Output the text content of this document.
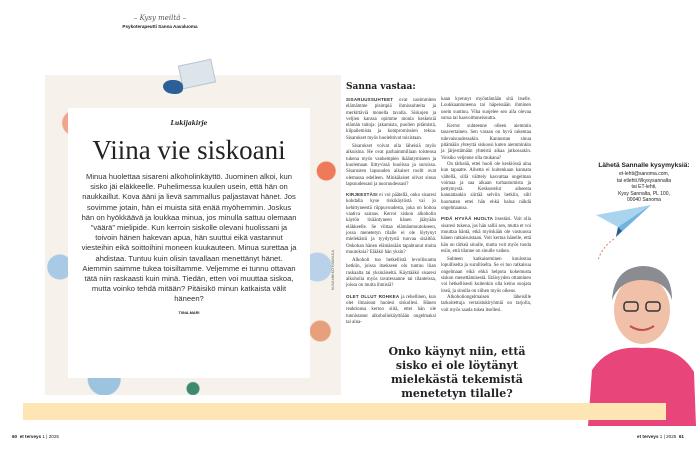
– Kysy meiltä –
Psykoterapeutti Sanna Aavaluoma
Lukijakirje
Viina vie siskoani
Minua huolettaa sisareni alkoholinkäyttö. Juominen alkoi, kun sisko jäi eläkkeelle. Puhelimessa kuulen usein, että hän on naukkaillut. Kova ääni ja lievä sammallus paljastavat hänet. Jos sovimme jotain, hän ei muista sitä enää myöhemmin. Joskus hän on hyökkäävä ja loukkaa minua, jos minulla sattuu olemaan ”väärä” mielipide. Kun kerroin siskolle olevani huolissani ja toivoin hänen hakevan apua, hän suuttui eikä vastannut viesteihin eikä soittoihini moneen kuukauteen. Minua surettaa ja ahdistaa. Tuntuu kuin olisin tavallaan menettänyt hänet. Aiemmin saimme tukea toisiltamme. Veljemme ei tunnu ottavan tätä niin raskaasti kuin minä. Tiedän, etten voi muuttaa siskoa, mutta voinko tehdä mitään? Pitäisikö minun katkaista välit häneen?
TIINA-MARI
KUVA MIKKO HANNULA
Sanna vastaa:

SISARUUSSUHTEET ovat useimmiten elämämme pisimpiä ihmissuhteita ja merkittäviä monella tavalla. Siskojen ja veljien kanssa opimme monia keskeisiä elämän taitoja: jakamista, puolien pitämistä, kilpailemista ja kompromissien tekoa. Sisarukset myös huolehtivat toisistaan.

Sisarukset voivat olla läheisiä myös aikuisina. He ovat parhaimmillaan toistensa tukena myös vanhempien ikääntymiseen ja kuolemaan liittyvissä huolissa ja suruissa. Sisarusten lapsuuden aikaiset roolit ovat olemassa edelleen. Minkälaiset olivat sinun lapsuudessasi ja nuoruudessasi?

KIRJEESTÄSI ei voi päätellä, onko sisaresi kohdalla kyse riskikäytöstä vai jo kehittyneestä riippuvuudesta, joka on hoitoa vaativa sairaus. Kerrot siskon alkoholin käytön lisääntyneen hänen jäätyään eläkkeelle. Se viittaa elämänmuutokseen, jossa menetetyn tilalle ei ole löytynyt mielekästä ja tyydytystä tuovaa sisältöä. Onkohan hänen elämässään tapahtunut muita muutoksia? Elääkö hän yksin?

Alkoholi tuo hetkellistä levollisuutta hetkiin, joissa itsekseen olo tuntuu liian raskaalta tai yksinäiseltä. Käyttääkö sisaresi alkoholia myös tavatessanne tai tilanteissa, joissa on muita ihmisiä?

OLET OLLUT ROHKEA ja rehellinen, kun olet ilmaissut huolesi siskollesi. Hänen reaktionsa kertoo siitä, ettei hän ole tunnistanut alkoholinkäyttöään ongelmaksi tai aina-

kaan kyennyt myöntämään sitä itselle. Loukkaantuneena tai häpeissään ihminen usein suuttuu. Viha suojelee sen alla olevaa surua tai haavoittuneisuutta.

Kerrot suhteenne olleen aiemmin tasavertainen. Sen varaan on hyvä rakentaa tulevaisuudessakin. Kannustan sinua pitämään yhteyttä siskoosi kuten aiemminkin ja järjestämään yhteistä aikaa jatkossakin. Voisiko veljenne olla mukana?

On tärkeää, ettei huoli ole keskiössä aina kun tapaatte. Aihetta ei kuitenkaan kannata vältellä, sillä välttely kasvattaa ongelman voimaa ja saa aikaan turhautumista ja pettymystä. Keskustelut aiheesta kannattaakin siirtää selviin hetkiin, silti huomaten ettei hän ehkä halua nähdä ongelmaansa.

PIDÄ HYVÄÄ HUOLTA itsestäsi. Voit olla sisaresi tukena, jos hän sallii sen, mutta et voi muuttaa häntä, etkä myöskään ole vastuussa hänen ratkaisuistaan. Voit kertoa hänelle, että hän on tärkeä sinulle, mutta voit myös tuoda esiin, että tilanne on sinulle vaikea.

Suhteen katkaiseminen kuulostaa lopulliselta ja surulliselta. Se ei tuo ratkaisua ongelmaan eikä ehkä helpota kokemusta siskon menettämisestä. Etäisyyden ottaminen voi hetkellisesti kuitenkin olla keino suojata itseä, ja sinulla on siihen myös oikeus.

Alkoholiongelmaisen läheisille tarkoitettuja vertaistukiryhmiä on tarjolla, voit myös saada tukea itsellesi.

Onko käynyt niin, että sisko ei ole löytänyt mielekästä tekemistä menetetyn tilalle?
Lähetä Sannalle kysymyksiä:
et-lehti@sanoma.com,
tai etlehti.fi/kysysannalta
tai ET-lehti,
Kysy Sannalta, PL 100,
00040 Sanoma
60 et terveys 1 | 2025	et terveys 1 | 2025 61
